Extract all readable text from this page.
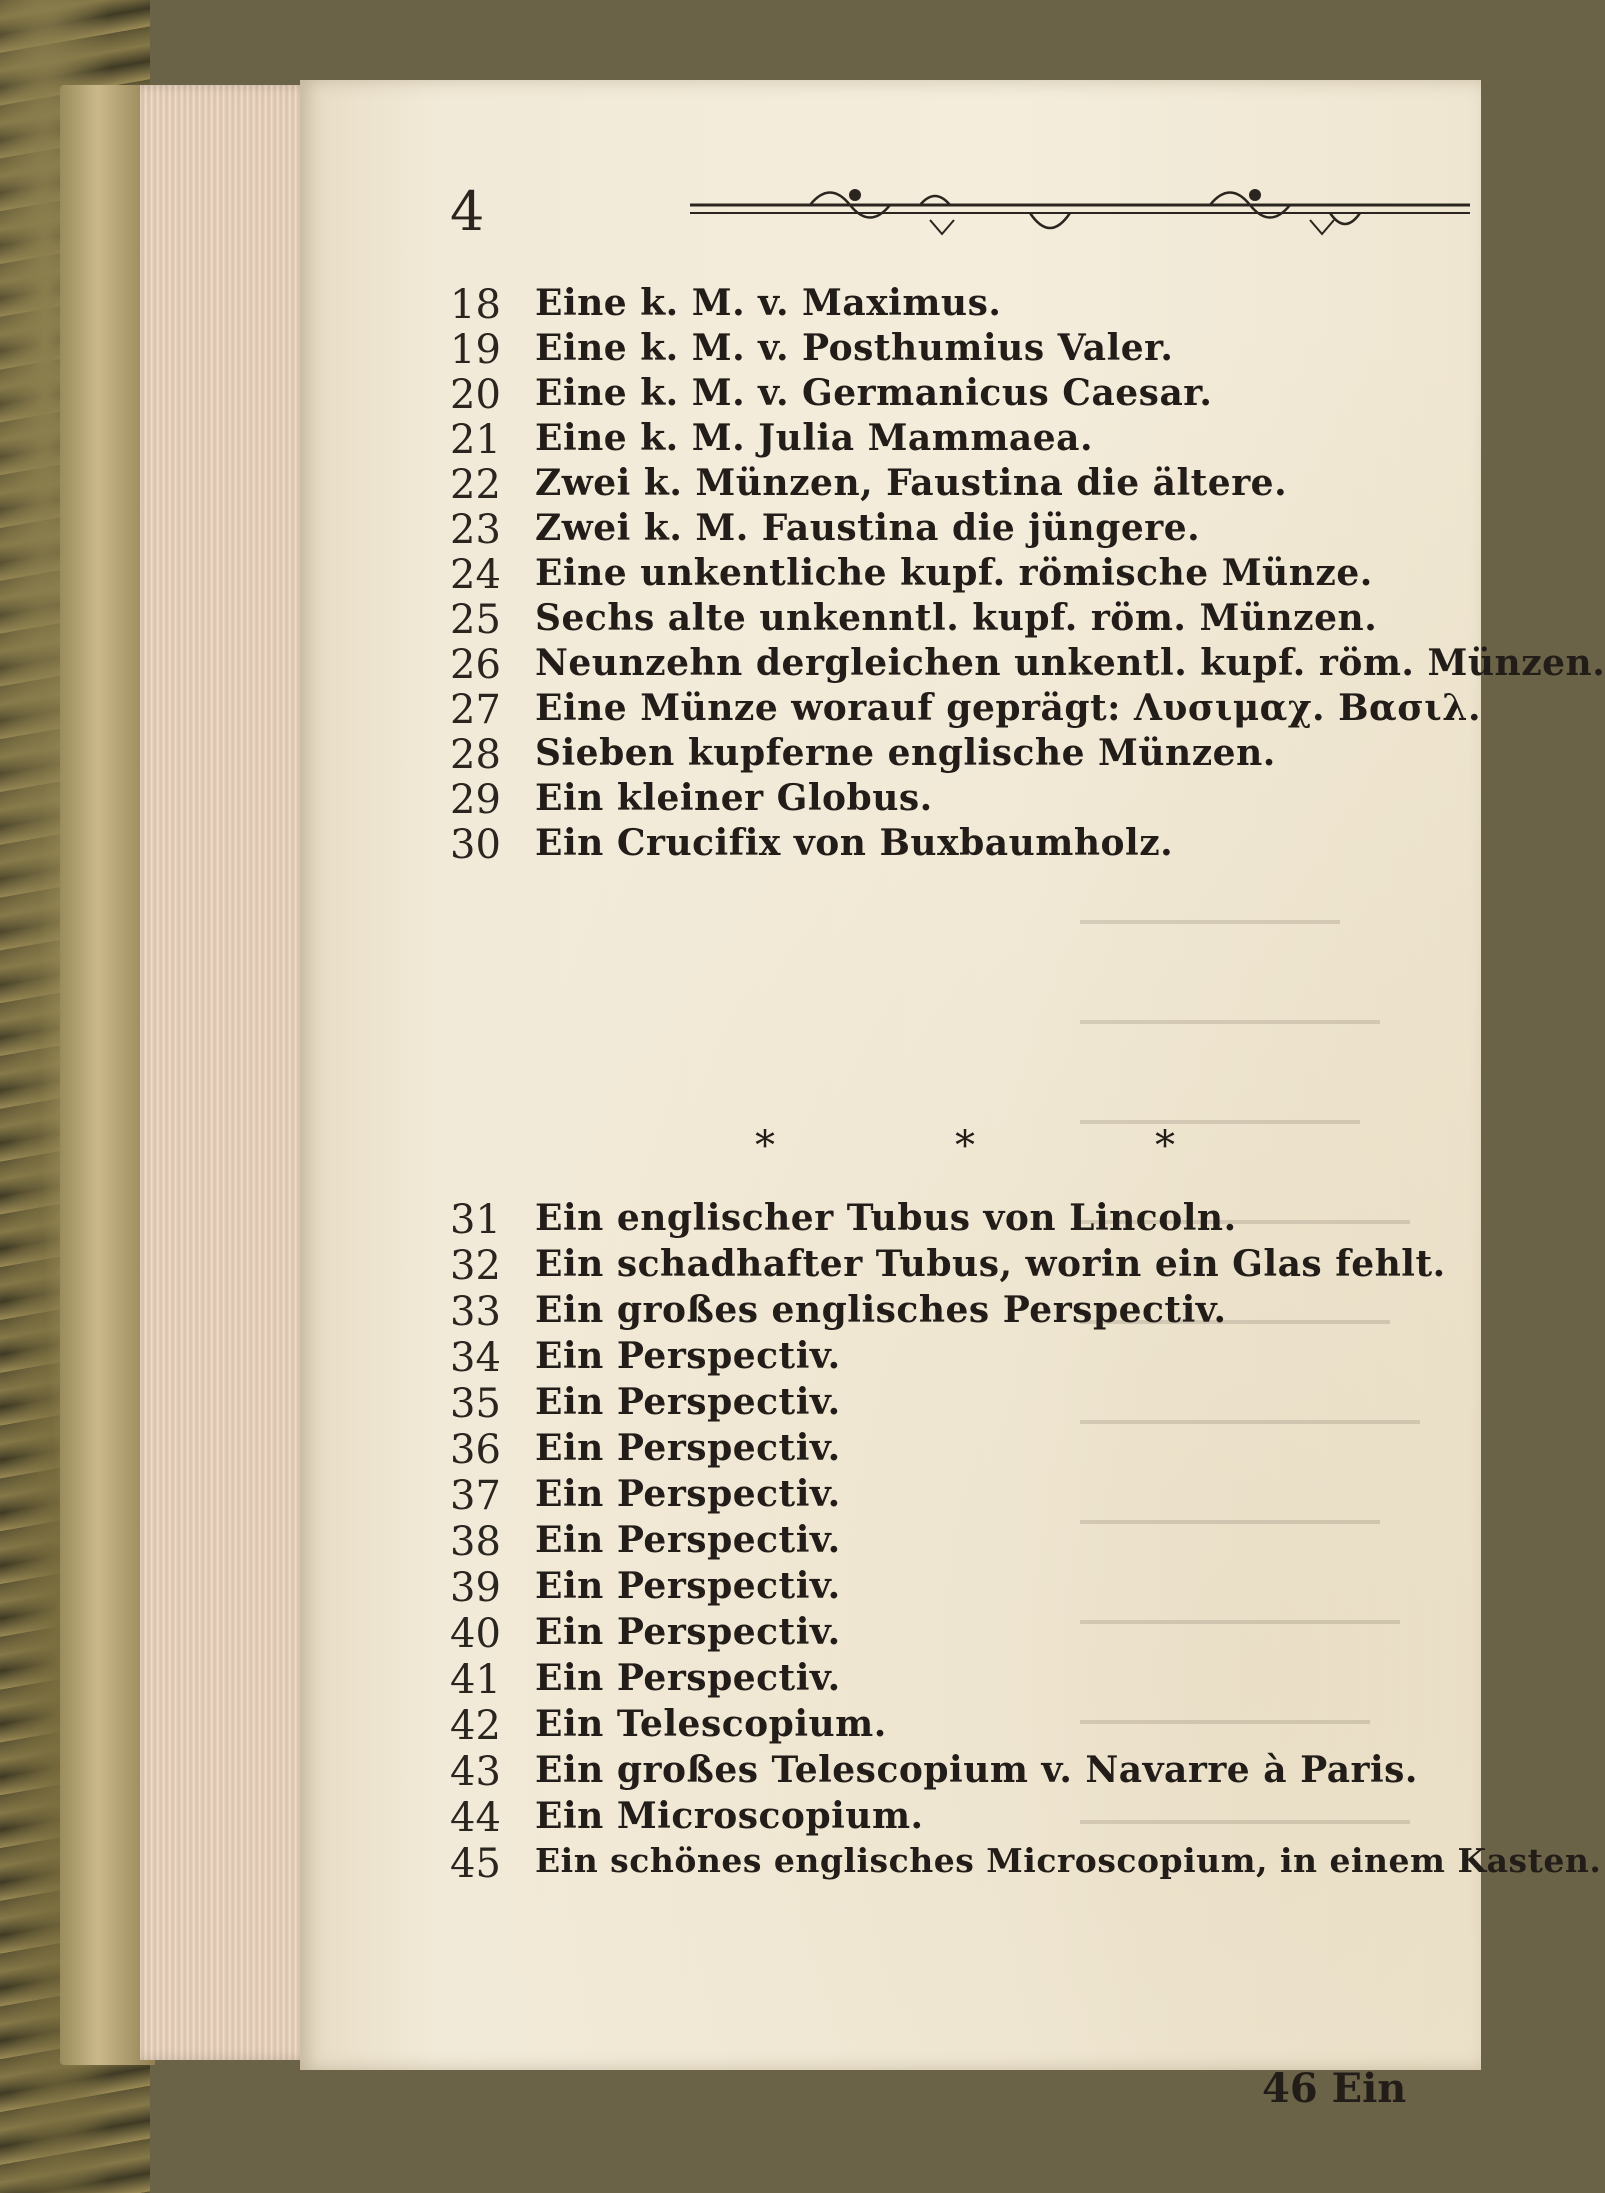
4
18 Eine k. M. v. Maximus.
19 Eine k. M. v. Posthumius Valer.
20 Eine k. M. v. Germanicus Caesar.
21 Eine k. M. Julia Mammaea.
22 Zwei k. Münzen, Faustina die ältere.
23 Zwei k. M. Faustina die jüngere.
24 Eine unkentliche kupf. römische Münze.
25 Sechs alte unkenntl. kupf. röm. Münzen.
26 Neunzehn dergleichen unkentl. kupf. röm. Münzen.
27 Eine Münze worauf geprägt: Λυσιμαχ. Βασιλ.
28 Sieben kupferne englische Münzen.
29 Ein kleiner Globus.
30 Ein Crucifix von Buxbaumholz.
*	*	*
31 Ein englischer Tubus von Lincoln.
32 Ein schadhafter Tubus, worin ein Glas fehlt.
33 Ein großes englisches Perspectiv.
34 Ein Perspectiv.
35 Ein Perspectiv.
36 Ein Perspectiv.
37 Ein Perspectiv.
38 Ein Perspectiv.
39 Ein Perspectiv.
40 Ein Perspectiv.
41 Ein Perspectiv.
42 Ein Telescopium.
43 Ein großes Telescopium v. Navarre à Paris.
44 Ein Microscopium.
45	Ein schönes englisches Microscopium, in einem Kasten.
46 Ein
